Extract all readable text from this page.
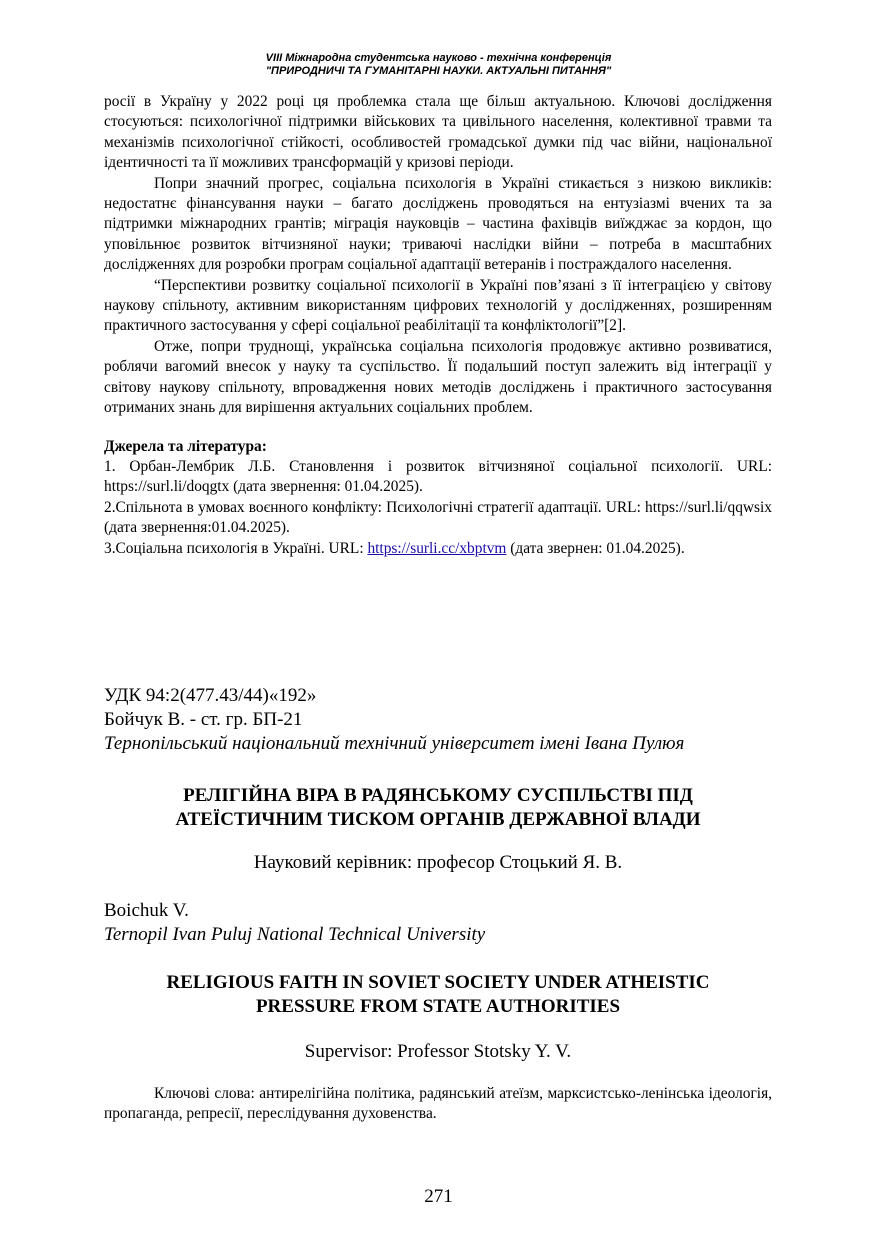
VIII Міжнародна студентська науково - технічна конференція
"ПРИРОДНИЧІ ТА ГУМАНІТАРНІ НАУКИ. АКТУАЛЬНІ ПИТАННЯ"

росії в Україну у 2022 році ця проблемка стала ще більш актуальною. Ключові дослідження стосуються: психологічної підтримки військових та цивільного населення, колективної травми та механізмів психологічної стійкості, особливостей громадської думки під час війни, національної ідентичності та її можливих трансформацій у кризові періоди.

Попри значний прогрес, соціальна психологія в Україні стикається з низкою викликів: недостатнє фінансування науки – багато досліджень проводяться на ентузіазмі вчених та за підтримки міжнародних грантів; міграція науковців – частина фахівців виїжджає за кордон, що уповільнює розвиток вітчизняної науки; триваючі наслідки війни – потреба в масштабних дослідженнях для розробки програм соціальної адаптації ветеранів і постраждалого населення.

“Перспективи розвитку соціальної психології в Україні пов’язані з її інтеграцією у світову наукову спільноту, активним використанням цифрових технологій у дослідженнях, розширенням практичного застосування у сфері соціальної реабілітації та конфліктології”[2].

Отже, попри труднощі, українська соціальна психологія продовжує активно розвиватися, роблячи вагомий внесок у науку та суспільство. Її подальший поступ залежить від інтеграції у світову наукову спільноту, впровадження нових методів досліджень і практичного застосування отриманих знань для вирішення актуальних соціальних проблем.

Джерела та література:

1. Орбан-Лембрик Л.Б. Становлення і розвиток вітчизняної соціальної психології. URL: https://surl.li/doqgtx (дата звернення: 01.04.2025).

2.Спільнота в умовах воєнного конфлікту: Психологічні стратегії адаптації. URL: https://surl.li/qqwsix (дата звернення:01.04.2025).

3.Соціальна психологія в Україні. URL: https://surli.cc/xbptvm (дата звернен: 01.04.2025).

УДК 94:2(477.43/44)«192»
Бойчук В. - ст. гр. БП-21
Тернопільський національний технічний університет імені Івана Пулюя
РЕЛІГІЙНА ВІРА В РАДЯНСЬКОМУ СУСПІЛЬСТВІ ПІД
АТЕЇСТИЧНИМ ТИСКОМ ОРГАНІВ ДЕРЖАВНОЇ ВЛАДИ
Науковий керівник: професор Стоцький Я. В.
Boichuk V.
Ternopil Ivan Puluj National Technical University
RELIGIOUS FAITH IN SOVIET SOCIETY UNDER ATHEISTIC
PRESSURE FROM STATE AUTHORITIES
Supervisor: Professor Stotsky Y. V.
Ключові слова: антирелігійна політика, радянський атеїзм, марксистсько-ленінська ідеологія, пропаганда, репресії, переслідування духовенства.
271
